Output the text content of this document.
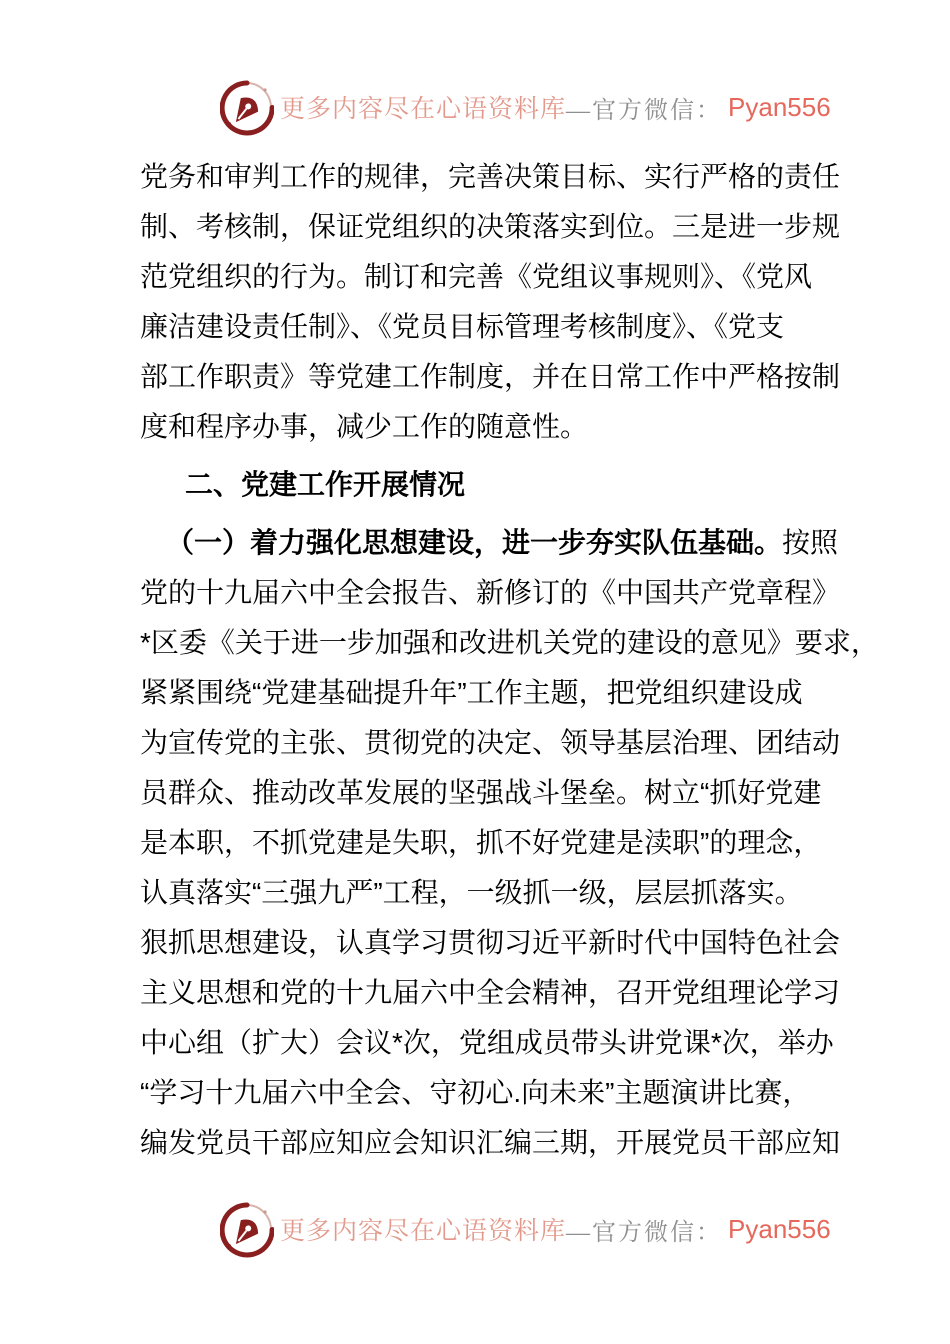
更多内容尽在心语资料库 —官方微信： Pyan556
党务和审判工作的规律，完善决策目标、实行严格的责任
制、考核制，保证党组织的决策落实到位。三是进一步规
范党组织的行为。制订和完善《党组议事规则》、《党风
廉洁建设责任制》、《党员目标管理考核制度》、《党支
部工作职责》等党建工作制度，并在日常工作中严格按制
度和程序办事，减少工作的随意性。
二、党建工作开展情况
（一）着力强化思想建设，进一步夯实队伍基础。按照
党的十九届六中全会报告、新修订的《中国共产党章程》
*区委《关于进一步加强和改进机关党的建设的意见》要求，
紧紧围绕“党建基础提升年”工作主题，把党组织建设成
为宣传党的主张、贯彻党的决定、领导基层治理、团结动
员群众、推动改革发展的坚强战斗堡垒。树立“抓好党建
是本职，不抓党建是失职，抓不好党建是渎职”的理念，
认真落实“三强九严”工程，一级抓一级，层层抓落实。
狠抓思想建设，认真学习贯彻习近平新时代中国特色社会
主义思想和党的十九届六中全会精神，召开党组理论学习
中心组（扩大）会议*次，党组成员带头讲党课*次，举办
“学习十九届六中全会、守初心.向未来”主题演讲比赛，
编发党员干部应知应会知识汇编三期，开展党员干部应知
更多内容尽在心语资料库 —官方微信： Pyan556
